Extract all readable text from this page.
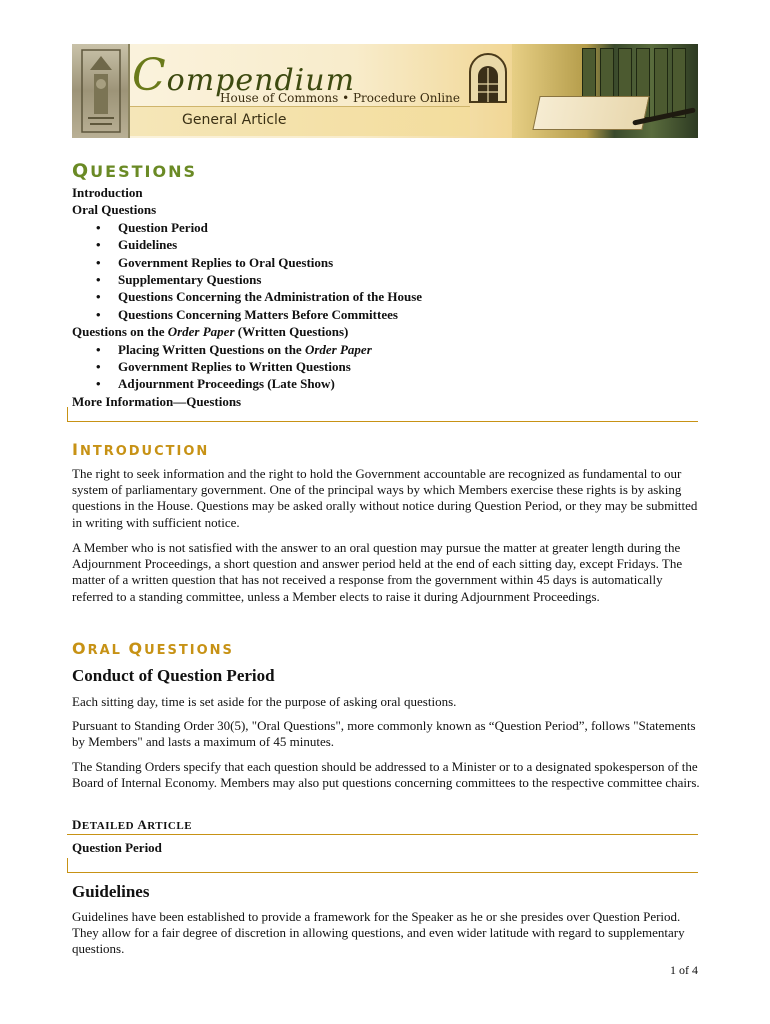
Compendium
House of Commons • Procedure Online
General Article
QUESTIONS
Introduction
Oral Questions
•	Question Period
•	Guidelines
•	Government Replies to Oral Questions
•	Supplementary Questions
•	Questions Concerning the Administration of the House
•	Questions Concerning Matters Before Committees
Questions on the Order Paper (Written Questions)
•	Placing Written Questions on the Order Paper
•	Government Replies to Written Questions
•	Adjournment Proceedings (Late Show)
More Information—Questions
INTRODUCTION

The right to seek information and the right to hold the Government accountable are recognized as fundamental to our system of parliamentary government. One of the principal ways by which Members exercise these rights is by asking questions in the House. Questions may be asked orally without notice during Question Period, or they may be submitted in writing with sufficient notice.

A Member who is not satisfied with the answer to an oral question may pursue the matter at greater length during the Adjournment Proceedings, a short question and answer period held at the end of each sitting day, except Fridays. The matter of a written question that has not received a response from the government within 45 days is automatically referred to a standing committee, unless a Member elects to raise it during Adjournment Proceedings.

ORAL QUESTIONS
Conduct of Question Period

Each sitting day, time is set aside for the purpose of asking oral questions.

Pursuant to Standing Order 30(5), "Oral Questions", more commonly known as “Question Period”, follows "Statements by Members" and lasts a maximum of 45 minutes.

The Standing Orders specify that each question should be addressed to a Minister or to a designated spokesperson of the Board of Internal Economy. Members may also put questions concerning committees to the respective committee chairs.

DETAILED ARTICLE
Question Period
Guidelines

Guidelines have been established to provide a framework for the Speaker as he or she presides over Question Period. They allow for a fair degree of discretion in allowing questions, and even wider latitude with regard to supplementary questions.

1 of 4
